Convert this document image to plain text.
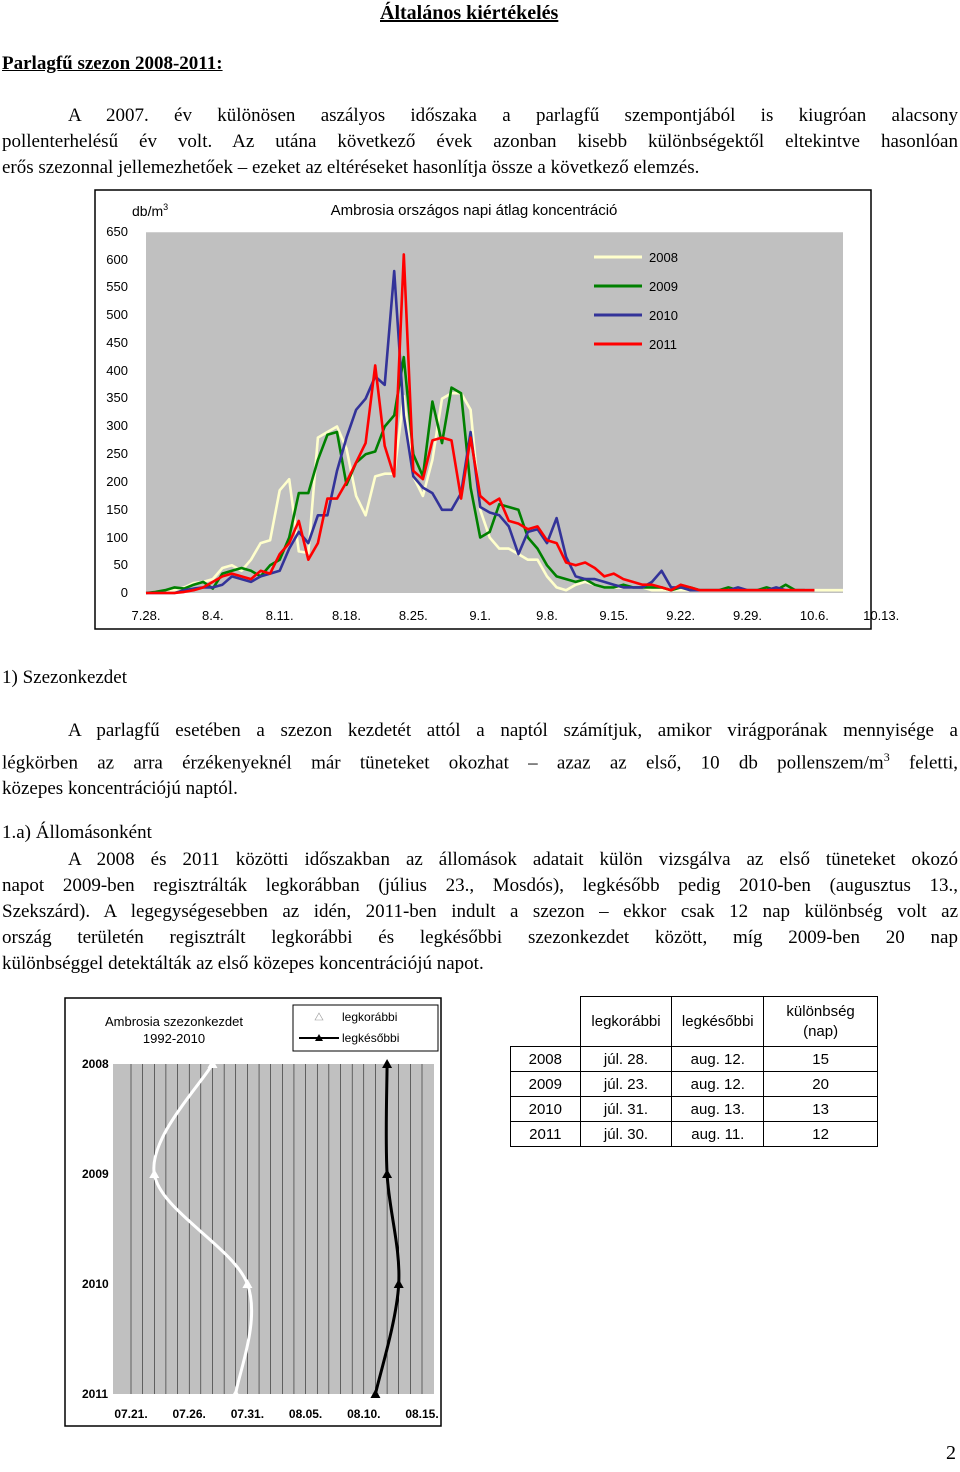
Általános kiértékelés
Parlagfű szezon 2008-2011:

A 2007. év különösen aszályos időszaka a parlagfű szempontjából is kiugróan alacsony

pollenterhelésű év volt. Az utána következő évek azonban kisebb különbségektől eltekintve hasonlóan

erős szezonnal jellemezhetőek – ezeket az eltéréseket hasonlítja össze a következő elemzés.

$db/m^3$	Ambrosia országos napi átlag koncentráció
0
50
100
150
200
250
300
350
400
450
500
550
600
650
7.28.	8.4.	8.11.	8.18.	8.25.	9.1.	9.8.	9.15.	9.22.	9.29.	10.6.	10.13.
2008
2009
2010
2011
1) Szezonkezdet

A parlagfű esetében a szezon kezdetét attól a naptól számítjuk, amikor virágporának mennyisége a

légkörben az arra érzékenyeknél már tüneteket okozhat – azaz az első, 10 db pollenszem/$m^3$ feletti,

közepes koncentrációjú naptól.

1.a) Állomásonként

A 2008 és 2011 közötti időszakban az állomások adatait külön vizsgálva az első tüneteket okozó

napot 2009-ben regisztrálták legkorábban (július 23., Mosdós), legkésőbb pedig 2010-ben (augusztus 13.,

Szekszárd). A legegységesebben az idén, 2011-ben indult a szezon – ekkor csak 12 nap különbség volt az

ország területén regisztrált legkorábbi és legkésőbbi szezonkezdet között, míg 2009-ben 20 nap

különbséggel detektálták az első közepes koncentrációjú napot.

Ambrosia szezonkezdet
1992-2010
legkorábbi
legkésőbbi
2008
2009
2010
2011
07.21. 07.26. 07.31. 08.05. 08.10. 08.15.
	legkorábbi	legkésőbbi	különbség (nap)
2008	júl. 28.	aug. 12.	15
2009	júl. 23.	aug. 12.	20
2010	júl. 31.	aug. 13.	13
2011	júl. 30.	aug. 11.	12
2
